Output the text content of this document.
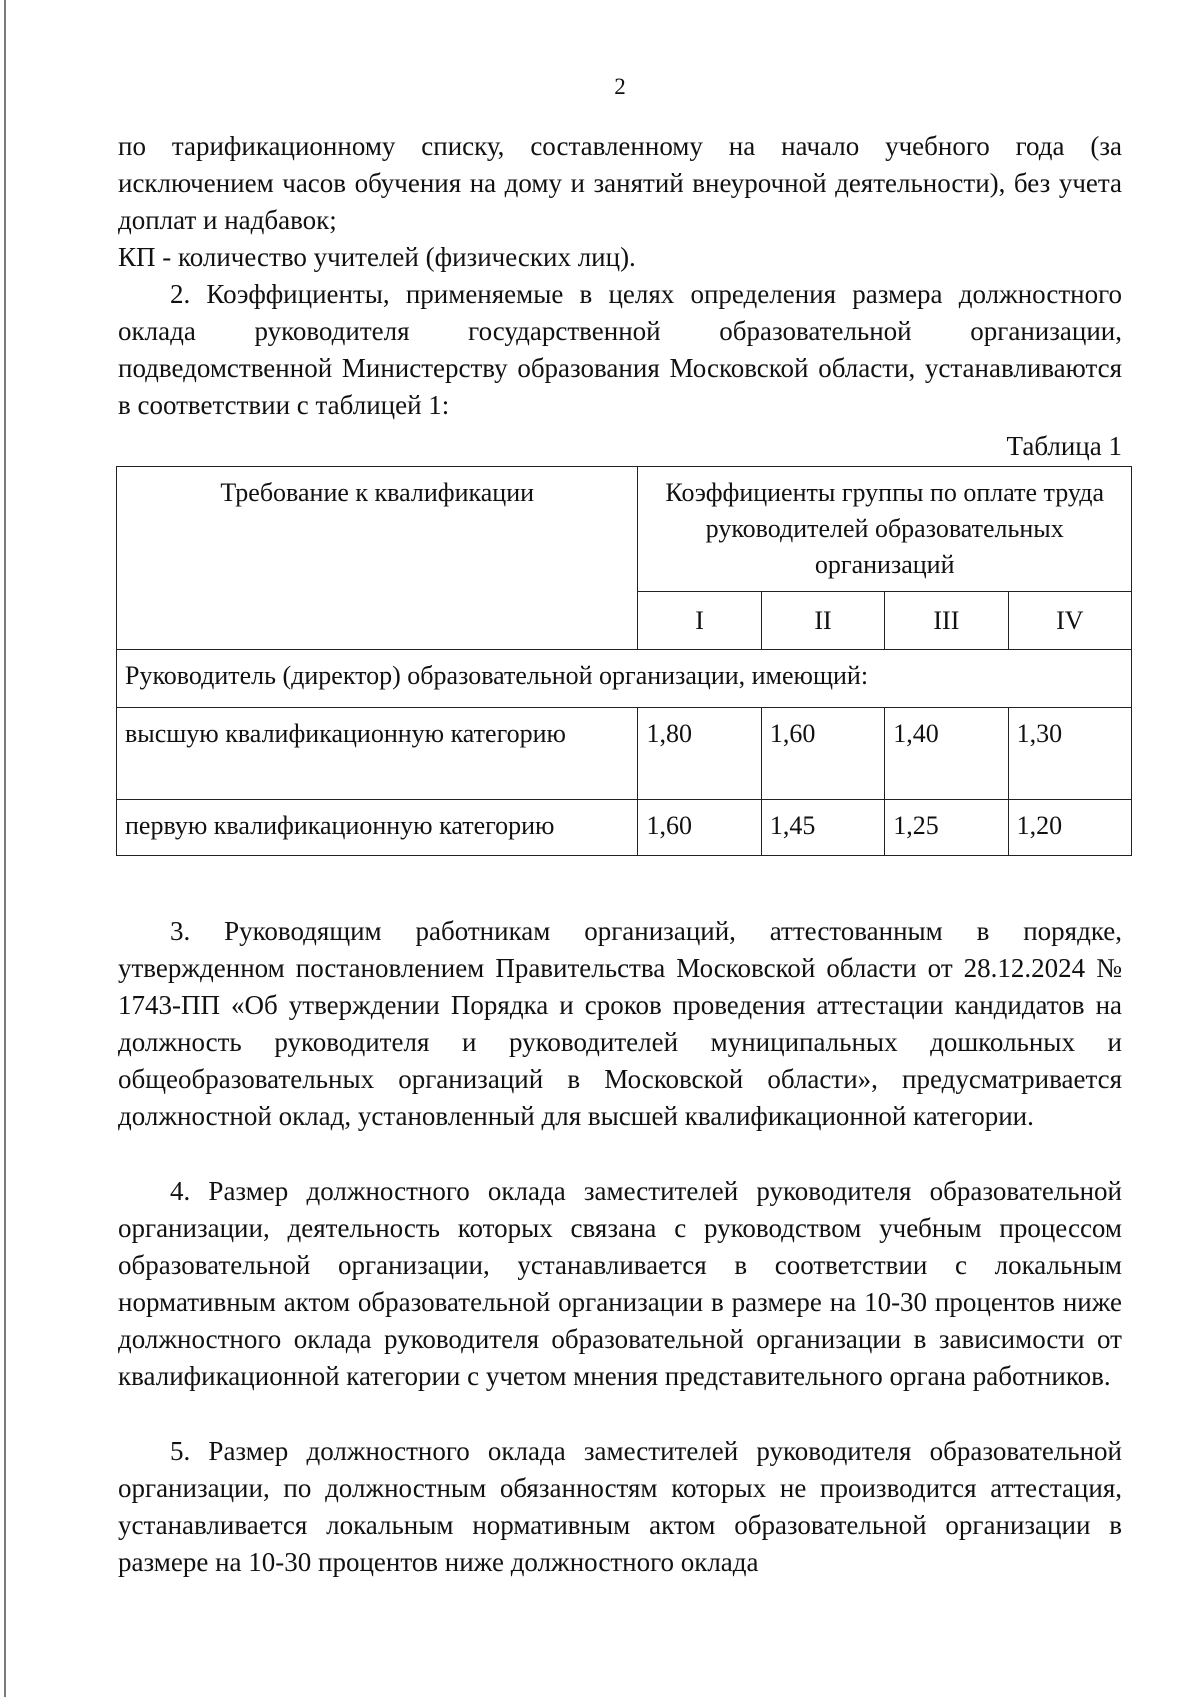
2

по тарификационному списку, составленному на начало учебного года (за исключением часов обучения на дому и занятий внеурочной деятельности), без учета доплат и надбавок;

КП - количество учителей (физических лиц).

2. Коэффициенты, применяемые в целях определения размера должностного оклада руководителя государственной образовательной организации, подведомственной Министерству образования Московской области, устанавливаются в соответствии с таблицей 1:

Таблица 1
Требование к квалификации	Коэффициенты группы по оплате труда руководителей образовательных организаций			
	I	II	III	IV
Руководитель (директор) образовательной организации, имеющий:				
высшую квалификационную категорию	1,80	1,60	1,40	1,30
первую квалификационную категорию	1,60	1,45	1,25	1,20

3. Руководящим работникам организаций, аттестованным в порядке, утвержденном постановлением Правительства Московской области от 28.12.2024 № 1743-ПП «Об утверждении Порядка и сроков проведения аттестации кандидатов на должность руководителя и руководителей муниципальных дошкольных и общеобразовательных организаций в Московской области», предусматривается должностной оклад, установленный для высшей квалификационной категории.

4. Размер должностного оклада заместителей руководителя образовательной организации, деятельность которых связана с руководством учебным процессом образовательной организации, устанавливается в соответствии с локальным нормативным актом образовательной организации в размере на 10-30 процентов ниже должностного оклада руководителя образовательной организации в зависимости от квалификационной категории с учетом мнения представительного органа работников.

5. Размер должностного оклада заместителей руководителя образовательной организации, по должностным обязанностям которых не производится аттестация, устанавливается локальным нормативным актом образовательной организации в размере на 10-30 процентов ниже должностного оклада
